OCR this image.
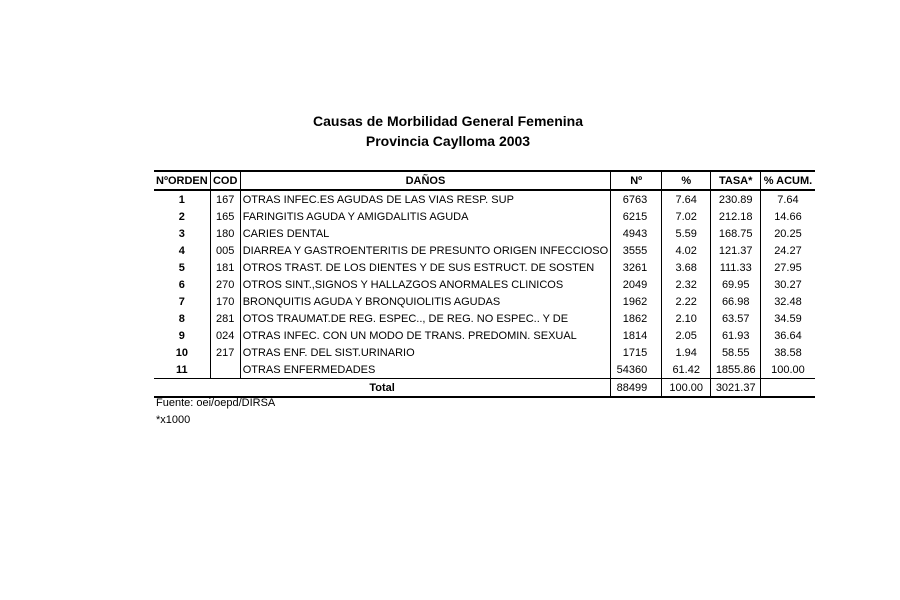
Causas de Morbilidad General Femenina
Provincia Caylloma 2003
NºORDEN	COD	DAÑOS	Nº	%	TASA*	% ACUM.
1	167	OTRAS INFEC.ES AGUDAS DE LAS VIAS RESP. SUP	6763	7.64	230.89	7.64
2	165	FARINGITIS AGUDA Y AMIGDALITIS AGUDA	6215	7.02	212.18	14.66
3	180	CARIES DENTAL	4943	5.59	168.75	20.25
4	005	DIARREA Y GASTROENTERITIS DE PRESUNTO ORIGEN INFECCIOSO	3555	4.02	121.37	24.27
5	181	OTROS TRAST. DE LOS DIENTES Y DE SUS ESTRUCT. DE SOSTEN	3261	3.68	111.33	27.95
6	270	OTROS SINT.,SIGNOS Y HALLAZGOS ANORMALES CLINICOS	2049	2.32	69.95	30.27
7	170	BRONQUITIS AGUDA Y BRONQUIOLITIS AGUDAS	1962	2.22	66.98	32.48
8	281	OTOS TRAUMAT.DE REG. ESPEC.., DE REG. NO ESPEC.. Y DE	1862	2.10	63.57	34.59
9	024	OTRAS INFEC. CON UN MODO DE TRANS. PREDOMIN. SEXUAL	1814	2.05	61.93	36.64
10	217	OTRAS ENF. DEL SIST.URINARIO	1715	1.94	58.55	38.58
11		OTRAS ENFERMEDADES	54360	61.42	1855.86	100.00
Total			88499	100.00	3021.37	
Fuente: oei/oepd/DIRSA
*x1000
